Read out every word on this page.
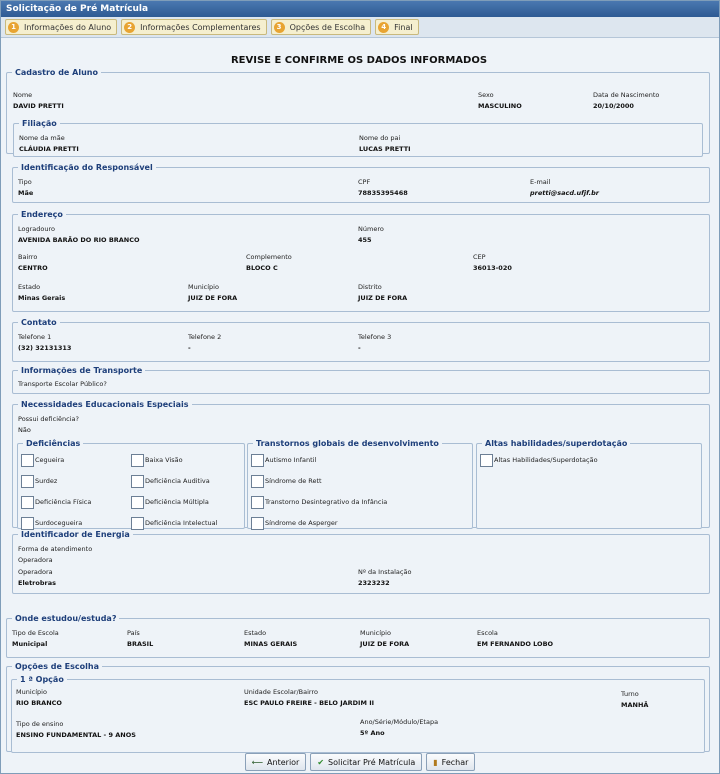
Solicitação de Pré Matrícula
1	Informações do Aluno	2	Informações Complementares	3	Opções de Escolha	4	Final
REVISE E CONFIRME OS DADOS INFORMADOS
Cadastro de Aluno
Nome
DAVID PRETTI
Sexo
MASCULINO
Data de Nascimento
20/10/2000
Filiação
Nome da mãe
CLÁUDIA PRETTI
Nome do pai
LUCAS PRETTI
Identificação do Responsável
Tipo
Mãe
CPF
78835395468
E-mail
pretti@sacd.ufjf.br
Endereço
Logradouro
AVENIDA BARÃO DO RIO BRANCO
Número
455
Bairro
CENTRO
Complemento
BLOCO C
CEP
36013-020
Estado
Minas Gerais
Município
JUIZ DE FORA
Distrito
JUIZ DE FORA
Contato
Telefone 1
(32) 32131313
Telefone 2
-
Telefone 3
-
Informações de Transporte
Transporte Escolar Público?
Necessidades Educacionais Especiais
Possui deficiência?
Não
Deficiências
Cegueira	Baixa Visão
Surdez	Deficiência Auditiva
Deficiência Física	Deficiência Múltipla
Surdocegueira	Deficiência Intelectual
Transtornos globais de desenvolvimento
Autismo Infantil
Síndrome de Rett
Transtorno Desintegrativo da Infância
Síndrome de Asperger
Altas habilidades/superdotação
Altas Habilidades/Superdotação
Identificador de Energia
Forma de atendimento
Operadora
Operadora
Eletrobras
Nº da Instalação
2323232
Onde estudou/estuda?
Tipo de Escola
Municipal
País
BRASIL
Estado
MINAS GERAIS
Município
JUIZ DE FORA
Escola
EM FERNANDO LOBO
Opções de Escolha
1 ª Opção
Município
RIO BRANCO
Unidade Escolar/Bairro
ESC PAULO FREIRE - BELO JARDIM II
Turno
MANHÃ
Tipo de ensino
ENSINO FUNDAMENTAL - 9 ANOS
Ano/Série/Módulo/Etapa
5º Ano
⟵ Anterior ✔ Solicitar Pré Matrícula ▮ Fechar
